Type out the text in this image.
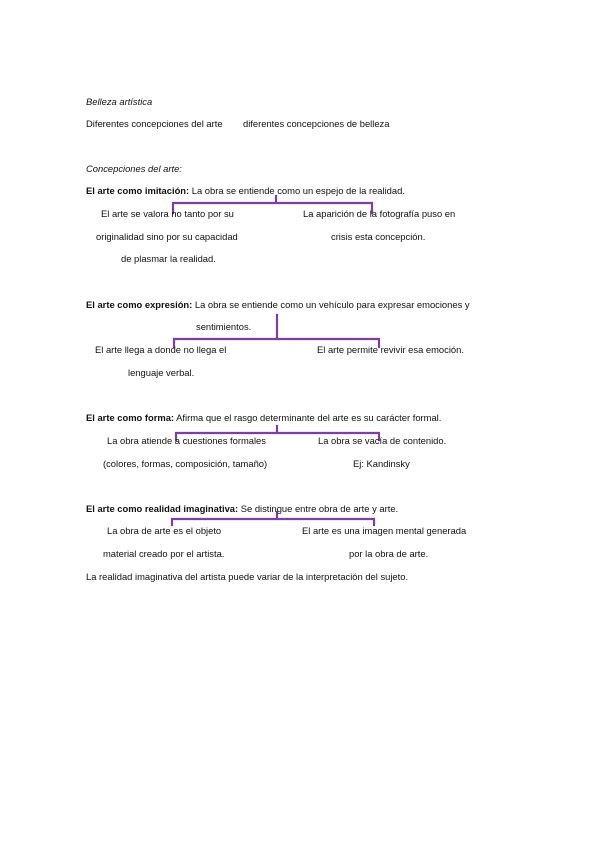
Belleza artística
Diferentes concepciones del arte diferentes concepciones de belleza
Concepciones del arte:
El arte como imitación: La obra se entiende como un espejo de la realidad.
El arte se valora no tanto por su
originalidad sino por su capacidad
de plasmar la realidad.
La aparición de la fotografía puso en
crisis esta concepción.
El arte como expresión: La obra se entiende como un vehículo para expresar emociones y
sentimientos.
El arte llega a donde no llega el
lenguaje verbal.
El arte permite revivir esa emoción.
El arte como forma: Afirma que el rasgo determinante del arte es su carácter formal.
La obra atiende a cuestiones formales
(colores, formas, composición, tamaño)
La obra se vacía de contenido.
Ej: Kandinsky
El arte como realidad imaginativa: Se distingue entre obra de arte y arte.
La obra de arte es el objeto
material creado por el artista.
El arte es una imagen mental generada
por la obra de arte.
La realidad imaginativa del artista puede variar de la interpretación del sujeto.
